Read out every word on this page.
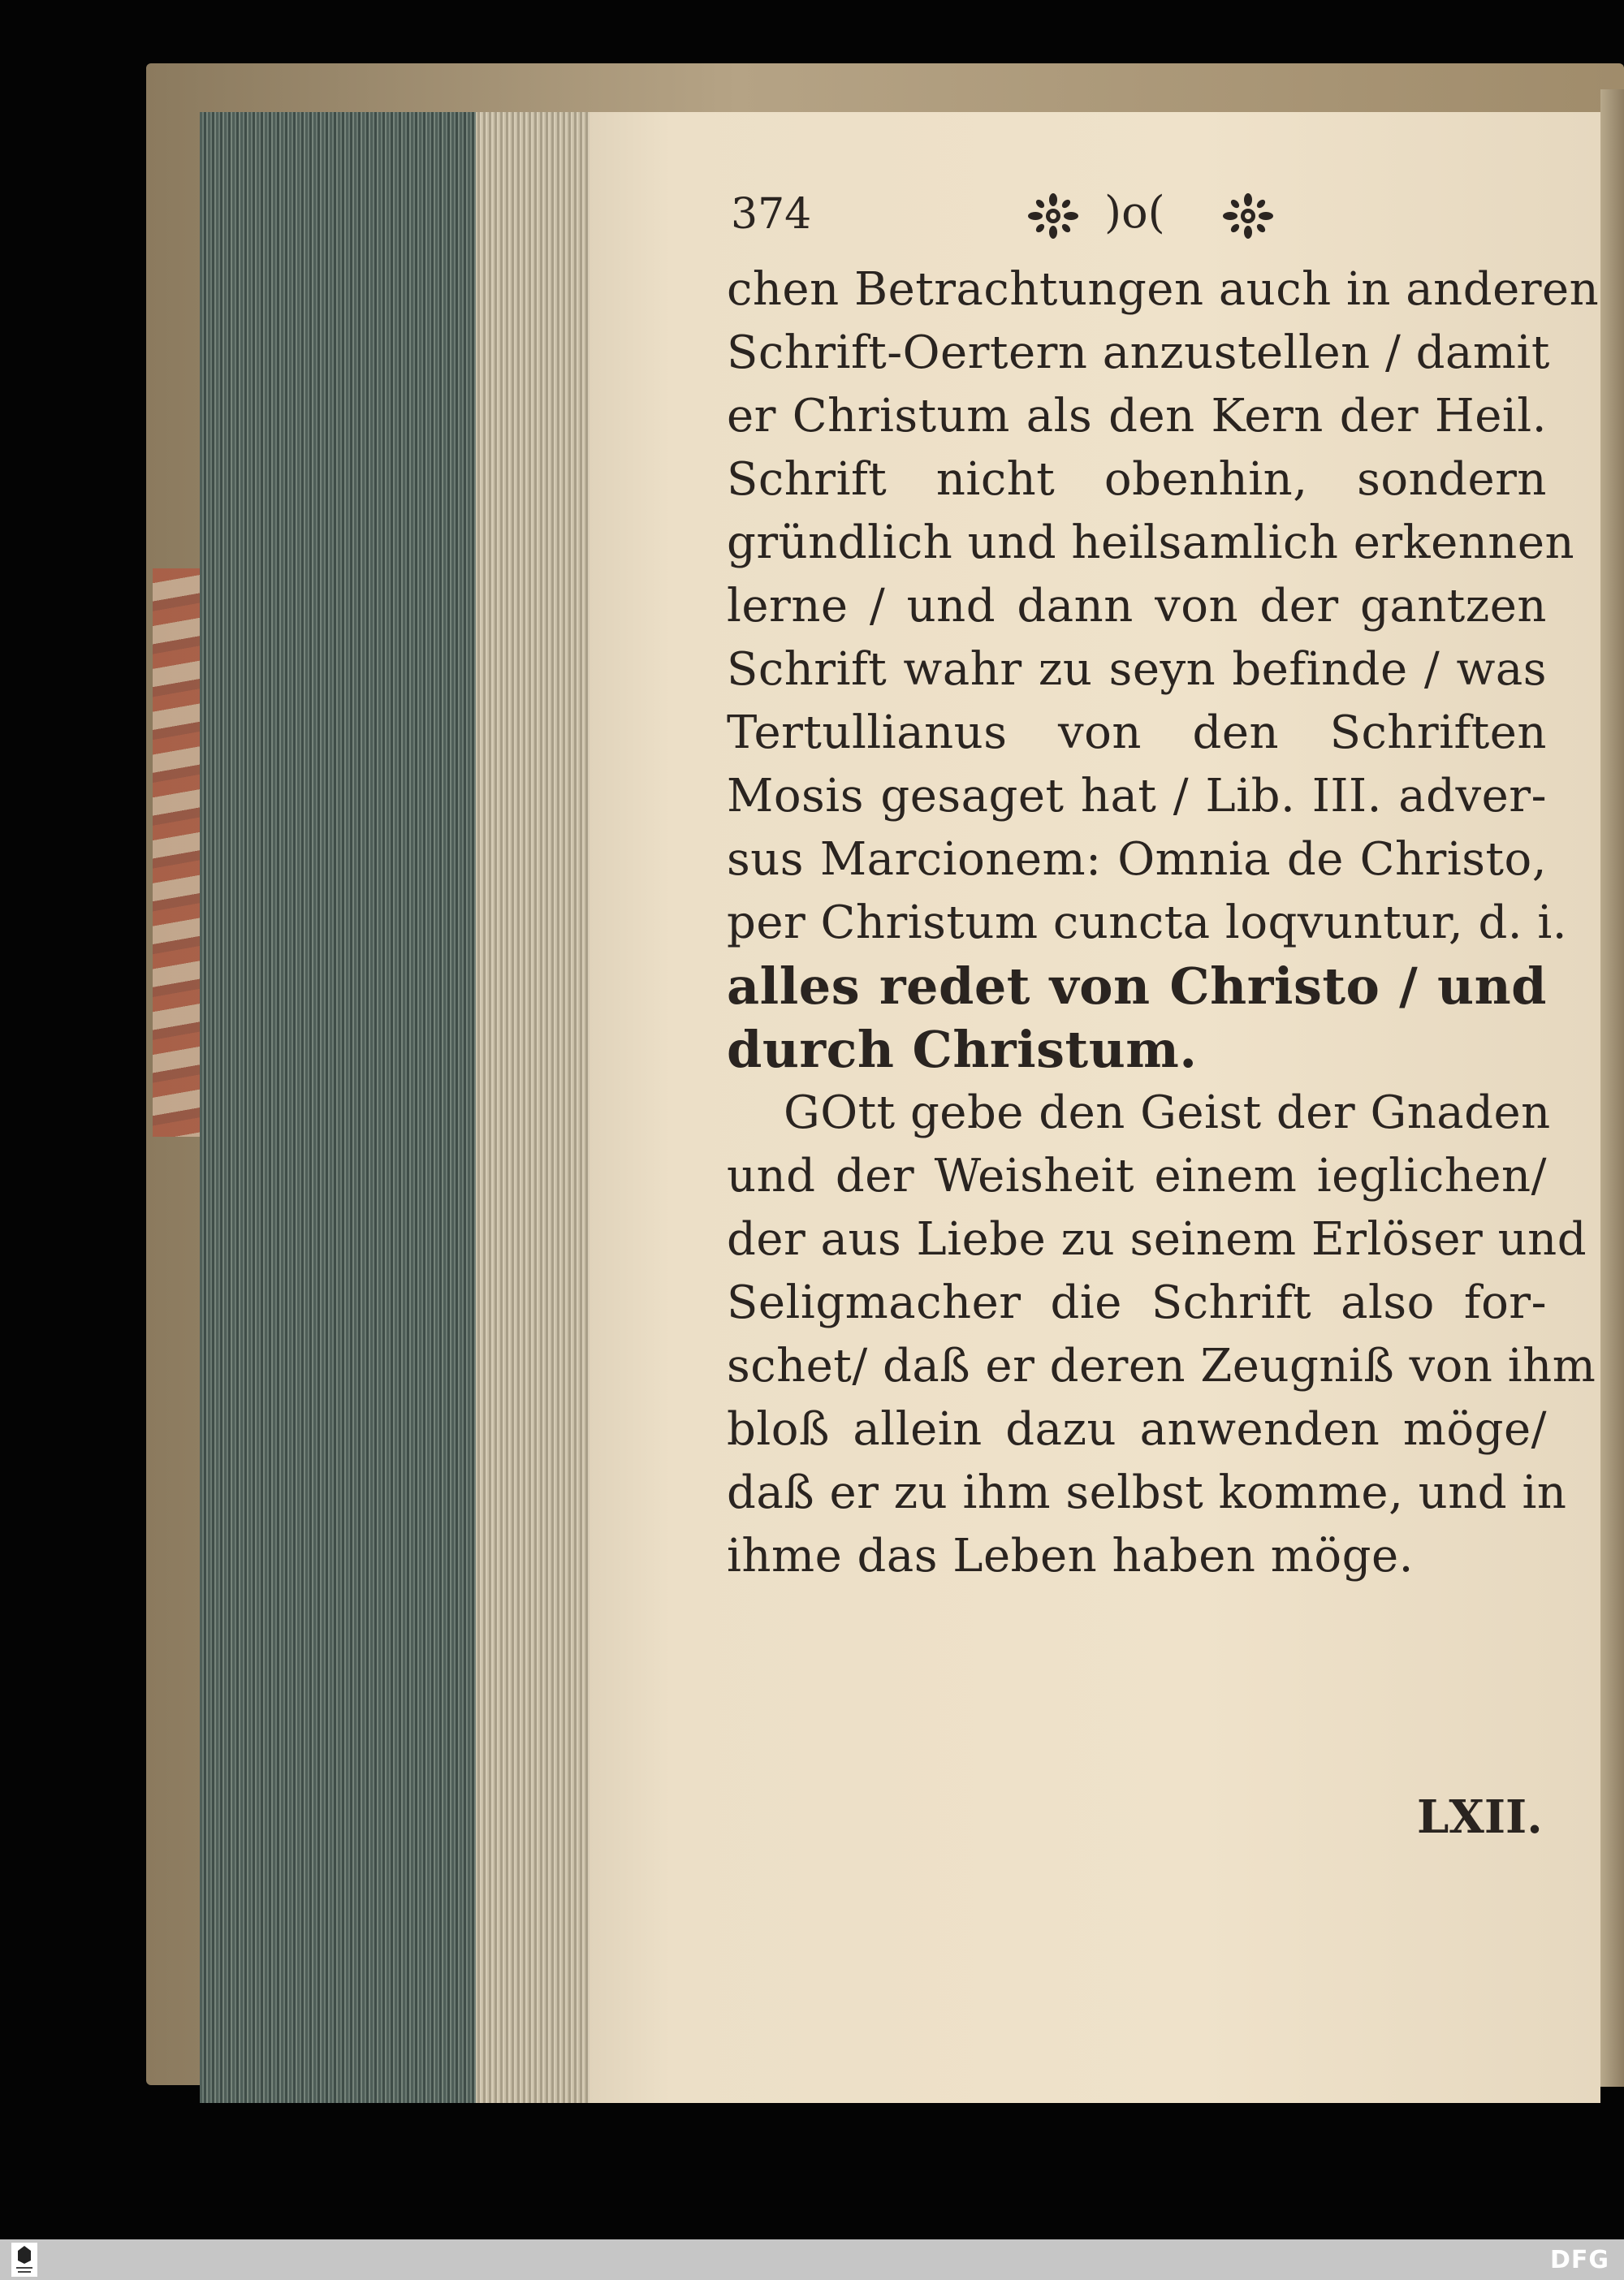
374	)o(
chen Betrachtungen auch in anderen
Schrift-Oertern anzustellen / damit
er Christum als den Kern der Heil.
Schrift nicht obenhin, sondern
gründlich und heilsamlich erkennen
lerne / und dann von der gantzen
Schrift wahr zu seyn befinde / was
Tertullianus von den Schriften
Mosis gesaget hat / Lib. III. adver-
sus Marcionem: Omnia de Christo,
per Christum cuncta loqvuntur, d. i.
alles redet von Christo / und
durch Christum.
GOtt gebe den Geist der Gnaden
und der Weisheit einem ieglichen/
der aus Liebe zu seinem Erlöser und
Seligmacher die Schrift also for-
schet/ daß er deren Zeugniß von ihm
bloß allein dazu anwenden möge/
daß er zu ihm selbst komme, und in
ihme das Leben haben möge.
LXII.
DFG
